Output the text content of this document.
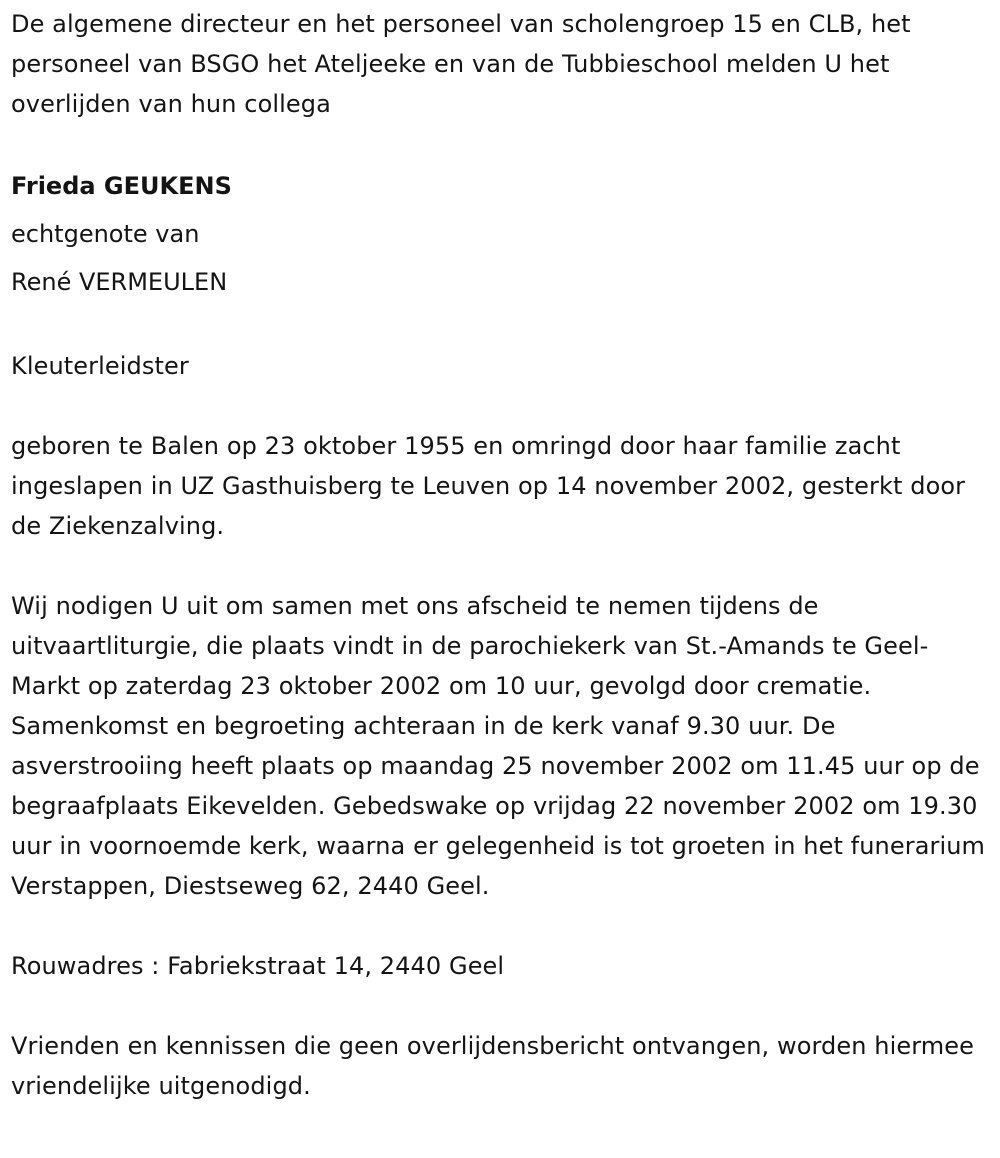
De algemene directeur en het personeel van scholengroep 15 en CLB, het personeel van BSGO het Ateljeeke en van de Tubbieschool melden U het overlijden van hun collega

Frieda GEUKENS
echtgenote van
René VERMEULEN

Kleuterleidster

geboren te Balen op 23 oktober 1955 en omringd door haar familie zacht ingeslapen in UZ Gasthuisberg te Leuven op 14 november 2002, gesterkt door de Ziekenzalving.

Wij nodigen U uit om samen met ons afscheid te nemen tijdens de uitvaartliturgie, die plaats vindt in de parochiekerk van St.-Amands te Geel-Markt op zaterdag 23 oktober 2002 om 10 uur, gevolgd door crematie. Samenkomst en begroeting achteraan in de kerk vanaf 9.30 uur. De asverstrooiing heeft plaats op maandag 25 november 2002 om 11.45 uur op de begraafplaats Eikevelden. Gebedswake op vrijdag 22 november 2002 om 19.30 uur in voornoemde kerk, waarna er gelegenheid is tot groeten in het funerarium Verstappen, Diestseweg 62, 2440 Geel.

Rouwadres : Fabriekstraat 14, 2440 Geel

Vrienden en kennissen die geen overlijdensbericht ontvangen, worden hiermee vriendelijke uitgenodigd.
